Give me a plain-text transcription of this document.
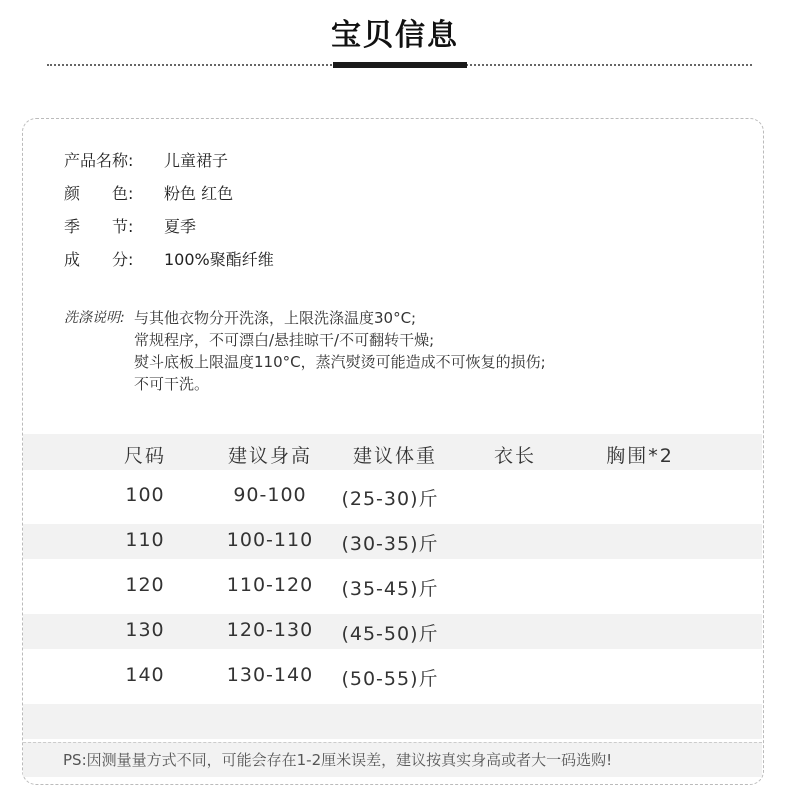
宝贝信息
产品名称:	儿童裙子
颜　　色:	粉色 红色
季　　节:	夏季
成　　分:	100%聚酯纤维
洗涤说明: 与其他衣物分开洗涤，上限洗涤温度30°C;
常规程序，不可漂白/悬挂晾干/不可翻转干燥;
熨斗底板上限温度110°C，蒸汽熨烫可能造成不可恢复的损伤;
不可干洗。
尺码	建议身高	建议体重	衣长	胸围*2
100	90-100	(25-30)斤
110	100-110	(30-35)斤
120	110-120	(35-45)斤
130	120-130	(45-50)斤
140	130-140	(50-55)斤
PS:因测量量方式不同，可能会存在1-2厘米误差，建议按真实身高或者大一码选购!
